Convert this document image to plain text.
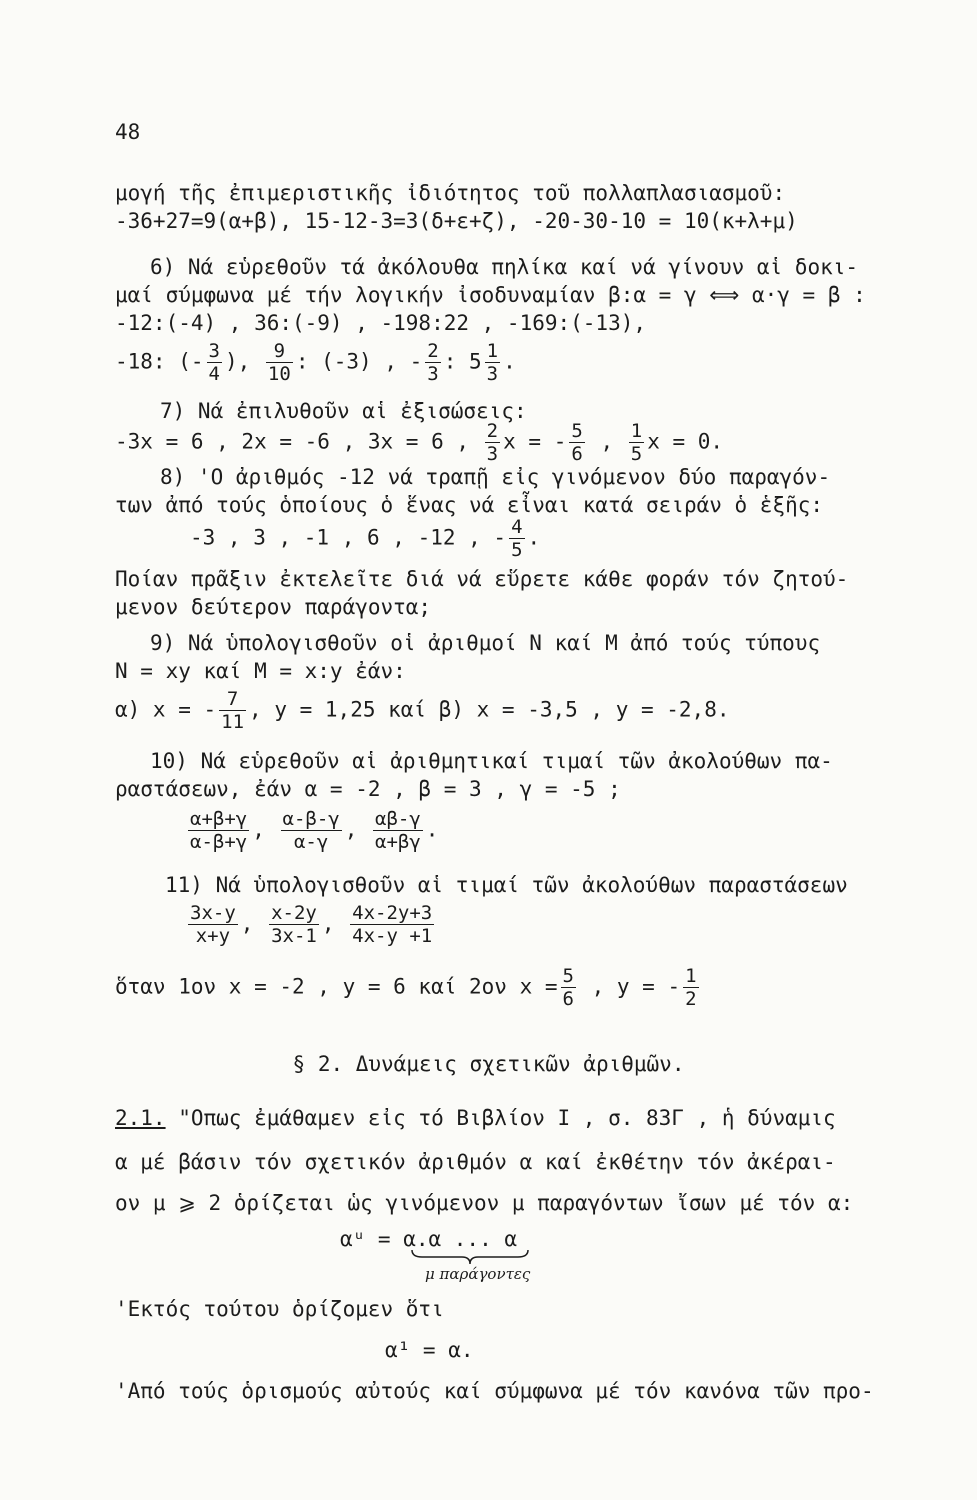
48
μογή τῆς ἐπιμεριστικῆς ἰδιότητος τοῦ πολλαπλασιασμοῦ:
-36+27=9(α+β), 15-12-3=3(δ+ε+ζ), -20-30-10 = 10(κ+λ+μ)
6) Νά εὑρεθοῦν τά ἀκόλουθα πηλίκα καί νά γίνουν αἱ δοκι-
μαί σύμφωνα μέ τήν λογικήν ἰσοδυναμίαν β:α = γ ⟺ α·γ = β :
-12:(-4) , 36:(-9) , -198:22 , -169:(-13),
-18: (- $\frac{3}{4}$ ), $\frac{9}{10}$ : (-3) , - $\frac{2}{3}$ : $5 \frac{1}{3}$ .
7) Νά ἐπιλυθοῦν αἱ ἐξισώσεις:
-3x = 6 , 2x = -6 , 3x = 6 , $\frac{2}{3}$ x = - $\frac{5}{6}$ , $\frac{1}{5}$ x = 0.
8) 'Ο ἀριθμός -12 νά τραπῇ εἰς γινόμενον δύο παραγόν-
των ἀπό τούς ὁποίους ὁ ἕνας νά εἶναι κατά σειράν ὁ ἑξῆς:
-3 , 3 , -1 , 6 , -12 , - $\frac{4}{5}$ .
Ποίαν πρᾶξιν ἐκτελεῖτε διά νά εὕρετε κάθε φοράν τόν ζητού-
μενον δεύτερον παράγοντα;
9) Νά ὑπολογισθοῦν οἱ ἀριθμοί N καί M ἀπό τούς τύπους
N = xy καί M = x:y ἐάν:
α) x = - $\frac{7}{11}$ , y = 1,25 καί β) x = -3,5 , y = -2,8.
10) Νά εὑρεθοῦν αἱ ἀριθμητικαί τιμαί τῶν ἀκολούθων πα-
ραστάσεων, ἐάν α = -2 , β = 3 , γ = -5 ;
$\frac{\alpha+\beta+\gamma}{\alpha-\beta+\gamma}$ , $\frac{\alpha-\beta-\gamma}{\alpha-\gamma}$ , $\frac{\alpha\beta-\gamma}{\alpha+\beta\gamma}$ .
11) Νά ὑπολογισθοῦν αἱ τιμαί τῶν ἀκολούθων παραστάσεων
$\frac{3x-y}{x+y}$ , $\frac{x-2y}{3x-1}$ , $\frac{4x-2y+3}{4x-y +1}$
ὅταν 1ον x = -2 , y = 6 καί 2ον $x = \frac{5}{6}$ , y = - $\frac{1}{2}$
§ 2. Δυνάμεις σχετικῶν ἀριθμῶν.
2.1. "Οπως ἐμάθαμεν εἰς τό Βιβλίον I , σ. 83Γ , ἡ δύναμις
α μέ βάσιν τόν σχετικόν ἀριθμόν α καί ἐκθέτην τόν ἀκέραι-
ον μ ⩾ 2 ὁρίζεται ὡς γινόμενον μ παραγόντων ἴσων μέ τόν α:
αᵘ = α.α ... α
μ παράγοντες
'Εκτός τούτου ὁρίζομεν ὅτι
α¹ = α.
'Από τούς ὁρισμούς αὐτούς καί σύμφωνα μέ τόν κανόνα τῶν προ-
